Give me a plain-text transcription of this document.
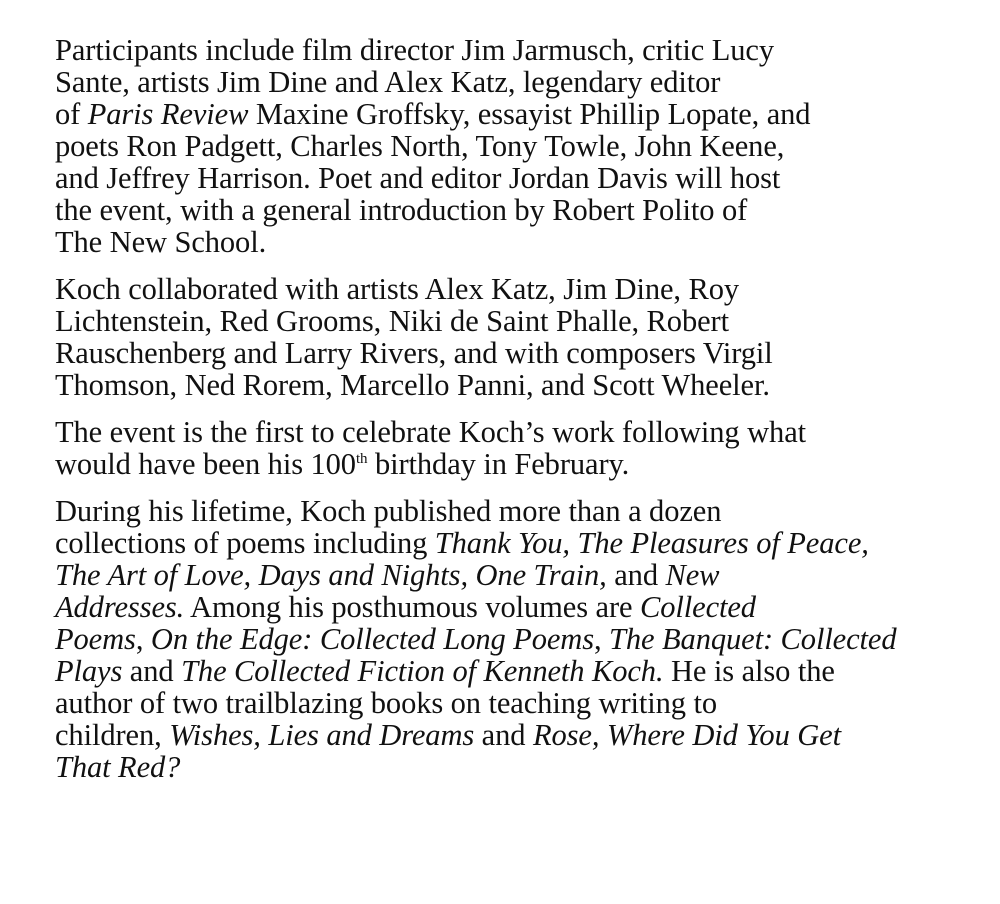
Participants include film director Jim Jarmusch, critic Lucy
Sante, artists Jim Dine and Alex Katz, legendary editor
of Paris Review Maxine Groffsky, essayist Phillip Lopate, and
poets Ron Padgett, Charles North, Tony Towle, John Keene,
and Jeffrey Harrison. Poet and editor Jordan Davis will host
the event, with a general introduction by Robert Polito of
The New School.

Koch collaborated with artists Alex Katz, Jim Dine, Roy
Lichtenstein, Red Grooms, Niki de Saint Phalle, Robert
Rauschenberg and Larry Rivers, and with composers Virgil
Thomson, Ned Rorem, Marcello Panni, and Scott Wheeler.

The event is the first to celebrate Koch’s work following what
would have been his 100th birthday in February.

During his lifetime, Koch published more than a dozen
collections of poems including Thank You, The Pleasures of Peace,
The Art of Love, Days and Nights, One Train, and New
Addresses. Among his posthumous volumes are Collected
Poems, On the Edge: Collected Long Poems, The Banquet: Collected
Plays and The Collected Fiction of Kenneth Koch. He is also the
author of two trailblazing books on teaching writing to
children, Wishes, Lies and Dreams and Rose, Where Did You Get
That Red?
